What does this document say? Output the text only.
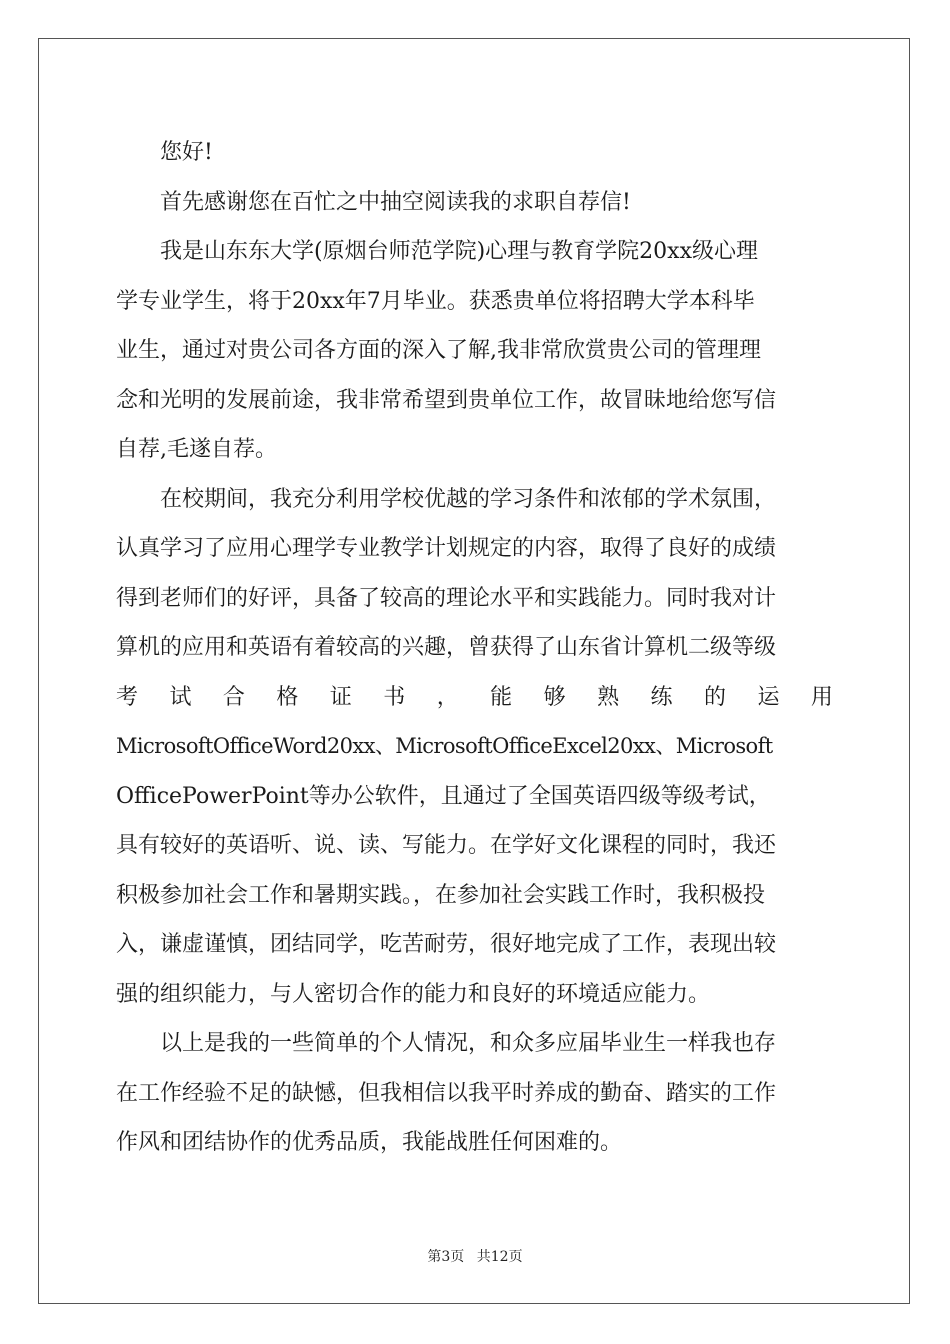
您好!

首先感谢您在百忙之中抽空阅读我的求职自荐信!

我是山东东大学(原烟台师范学院)心理与教育学院20xx级心理
学专业学生，将于20xx年7月毕业。获悉贵单位将招聘大学本科毕
业生，通过对贵公司各方面的深入了解,我非常欣赏贵公司的管理理
念和光明的发展前途，我非常希望到贵单位工作，故冒昧地给您写信
自荐,毛遂自荐。
在校期间，我充分利用学校优越的学习条件和浓郁的学术氛围，
认真学习了应用心理学专业教学计划规定的内容，取得了良好的成绩
得到老师们的好评，具备了较高的理论水平和实践能力。同时我对计
算机的应用和英语有着较高的兴趣，曾获得了山东省计算机二级等级
考 试 合 格 证 书 ， 能 够 熟 练 的 运 用
MicrosoftOfficeWord20xx、MicrosoftOfficeExcel20xx、Microsoft
OfficePowerPoint等办公软件，且通过了全国英语四级等级考试，
具有较好的英语听、说、读、写能力。在学好文化课程的同时，我还
积极参加社会工作和暑期实践。，在参加社会实践工作时，我积极投
入，谦虚谨慎，团结同学，吃苦耐劳，很好地完成了工作，表现出较
强的组织能力，与人密切合作的能力和良好的环境适应能力。
以上是我的一些简单的个人情况，和众多应届毕业生一样我也存
在工作经验不足的缺憾，但我相信以我平时养成的勤奋、踏实的工作
作风和团结协作的优秀品质，我能战胜任何困难的。
第3页 共12页
